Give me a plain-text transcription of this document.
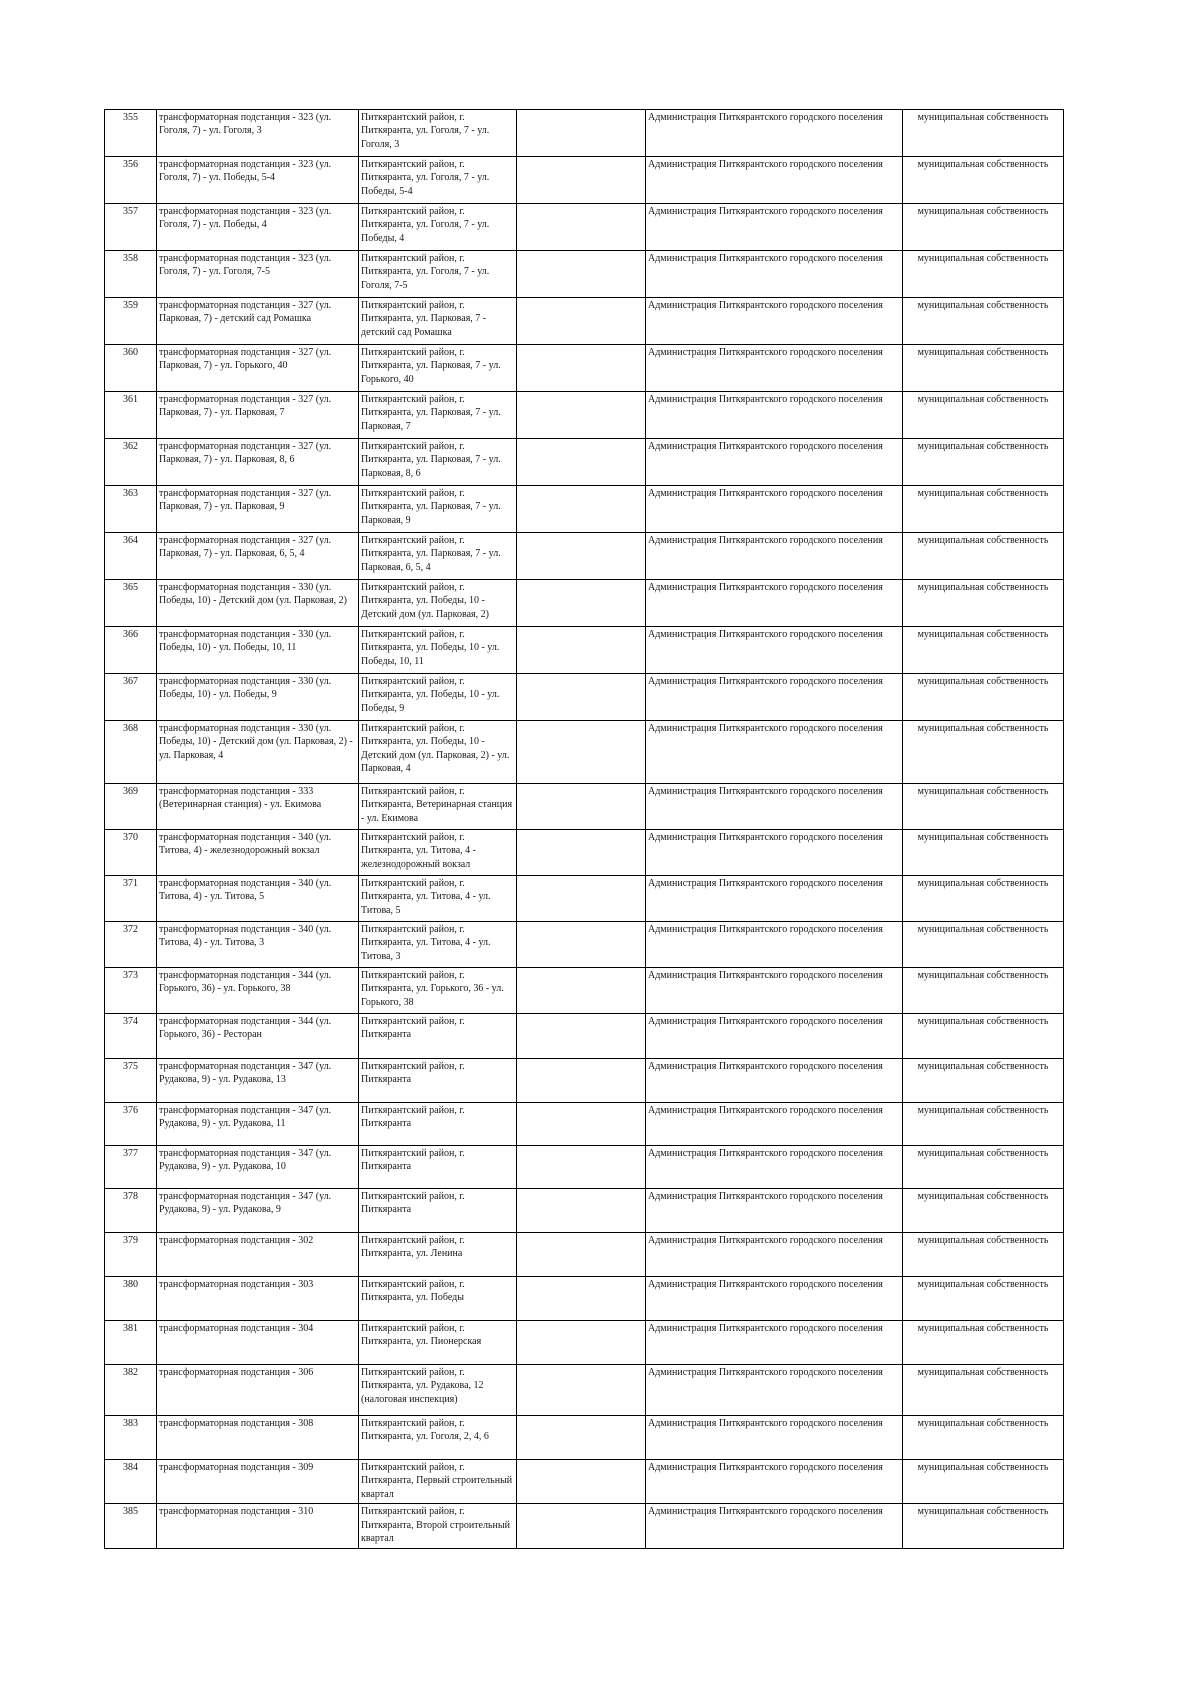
355	трансформаторная подстанция - 323 (ул. Гоголя, 7) - ул. Гоголя, 3	Питкярантский район, г. Питкяранта, ул. Гоголя, 7 - ул. Гоголя, 3		Администрация Питкярантского городского поселения	муниципальная собственность
356	трансформаторная подстанция - 323 (ул. Гоголя, 7) - ул. Победы, 5-4	Питкярантский район, г. Питкяранта, ул. Гоголя, 7 - ул. Победы, 5-4		Администрация Питкярантского городского поселения	муниципальная собственность
357	трансформаторная подстанция - 323 (ул. Гоголя, 7) - ул. Победы, 4	Питкярантский район, г. Питкяранта, ул. Гоголя, 7 - ул. Победы, 4		Администрация Питкярантского городского поселения	муниципальная собственность
358	трансформаторная подстанция - 323 (ул. Гоголя, 7) - ул. Гоголя, 7-5	Питкярантский район, г. Питкяранта, ул. Гоголя, 7 - ул. Гоголя, 7-5		Администрация Питкярантского городского поселения	муниципальная собственность
359	трансформаторная подстанция - 327 (ул. Парковая, 7) - детский сад Ромашка	Питкярантский район, г. Питкяранта, ул. Парковая, 7 - детский сад Ромашка		Администрация Питкярантского городского поселения	муниципальная собственность
360	трансформаторная подстанция - 327 (ул. Парковая, 7) - ул. Горького, 40	Питкярантский район, г. Питкяранта, ул. Парковая, 7 - ул. Горького, 40		Администрация Питкярантского городского поселения	муниципальная собственность
361	трансформаторная подстанция - 327 (ул. Парковая, 7) - ул. Парковая, 7	Питкярантский район, г. Питкяранта, ул. Парковая, 7 - ул. Парковая, 7		Администрация Питкярантского городского поселения	муниципальная собственность
362	трансформаторная подстанция - 327 (ул. Парковая, 7) - ул. Парковая, 8, 6	Питкярантский район, г. Питкяранта, ул. Парковая, 7 - ул. Парковая, 8, 6		Администрация Питкярантского городского поселения	муниципальная собственность
363	трансформаторная подстанция - 327 (ул. Парковая, 7) - ул. Парковая, 9	Питкярантский район, г. Питкяранта, ул. Парковая, 7 - ул. Парковая, 9		Администрация Питкярантского городского поселения	муниципальная собственность
364	трансформаторная подстанция - 327 (ул. Парковая, 7) - ул. Парковая, 6, 5, 4	Питкярантский район, г. Питкяранта, ул. Парковая, 7 - ул. Парковая, 6, 5, 4		Администрация Питкярантского городского поселения	муниципальная собственность
365	трансформаторная подстанция - 330 (ул. Победы, 10) - Детский дом (ул. Парковая, 2)	Питкярантский район, г. Питкяранта, ул. Победы, 10 - Детский дом (ул. Парковая, 2)		Администрация Питкярантского городского поселения	муниципальная собственность
366	трансформаторная подстанция - 330 (ул. Победы, 10) - ул. Победы, 10, 11	Питкярантский район, г. Питкяранта, ул. Победы, 10 - ул. Победы, 10, 11		Администрация Питкярантского городского поселения	муниципальная собственность
367	трансформаторная подстанция - 330 (ул. Победы, 10) - ул. Победы, 9	Питкярантский район, г. Питкяранта, ул. Победы, 10 - ул. Победы, 9		Администрация Питкярантского городского поселения	муниципальная собственность
368	трансформаторная подстанция - 330 (ул. Победы, 10) - Детский дом (ул. Парковая, 2) - ул. Парковая, 4	Питкярантский район, г. Питкяранта, ул. Победы, 10 - Детский дом (ул. Парковая, 2) - ул. Парковая, 4		Администрация Питкярантского городского поселения	муниципальная собственность
369	трансформаторная подстанция - 333 (Ветеринарная станция) - ул. Екимова	Питкярантский район, г. Питкяранта, Ветеринарная станция - ул. Екимова		Администрация Питкярантского городского поселения	муниципальная собственность
370	трансформаторная подстанция - 340 (ул. Титова, 4) - железнодорожный вокзал	Питкярантский район, г. Питкяранта, ул. Титова, 4 - железнодорожный вокзал		Администрация Питкярантского городского поселения	муниципальная собственность
371	трансформаторная подстанция - 340 (ул. Титова, 4) - ул. Титова, 5	Питкярантский район, г. Питкяранта, ул. Титова, 4 - ул. Титова, 5		Администрация Питкярантского городского поселения	муниципальная собственность
372	трансформаторная подстанция - 340 (ул. Титова, 4) - ул. Титова, 3	Питкярантский район, г. Питкяранта, ул. Титова, 4 - ул. Титова, 3		Администрация Питкярантского городского поселения	муниципальная собственность
373	трансформаторная подстанция - 344 (ул. Горького, 36) - ул. Горького, 38	Питкярантский район, г. Питкяранта, ул. Горького, 36 - ул. Горького, 38		Администрация Питкярантского городского поселения	муниципальная собственность
374	трансформаторная подстанция - 344 (ул. Горького, 36) - Ресторан	Питкярантский район, г. Питкяранта		Администрация Питкярантского городского поселения	муниципальная собственность
375	трансформаторная подстанция - 347 (ул. Рудакова, 9) - ул. Рудакова, 13	Питкярантский район, г. Питкяранта		Администрация Питкярантского городского поселения	муниципальная собственность
376	трансформаторная подстанция - 347 (ул. Рудакова, 9) - ул. Рудакова, 11	Питкярантский район, г. Питкяранта		Администрация Питкярантского городского поселения	муниципальная собственность
377	трансформаторная подстанция - 347 (ул. Рудакова, 9) - ул. Рудакова, 10	Питкярантский район, г. Питкяранта		Администрация Питкярантского городского поселения	муниципальная собственность
378	трансформаторная подстанция - 347 (ул. Рудакова, 9) - ул. Рудакова, 9	Питкярантский район, г. Питкяранта		Администрация Питкярантского городского поселения	муниципальная собственность
379	трансформаторная подстанция - 302	Питкярантский район, г. Питкяранта, ул. Ленина		Администрация Питкярантского городского поселения	муниципальная собственность
380	трансформаторная подстанция - 303	Питкярантский район, г. Питкяранта, ул. Победы		Администрация Питкярантского городского поселения	муниципальная собственность
381	трансформаторная подстанция - 304	Питкярантский район, г. Питкяранта, ул. Пионерская		Администрация Питкярантского городского поселения	муниципальная собственность
382	трансформаторная подстанция - 306	Питкярантский район, г. Питкяранта, ул. Рудакова, 12 (налоговая инспекция)		Администрация Питкярантского городского поселения	муниципальная собственность
383	трансформаторная подстанция - 308	Питкярантский район, г. Питкяранта, ул. Гоголя, 2, 4, 6		Администрация Питкярантского городского поселения	муниципальная собственность
384	трансформаторная подстанция - 309	Питкярантский район, г. Питкяранта, Первый строительный квартал		Администрация Питкярантского городского поселения	муниципальная собственность
385	трансформаторная подстанция - 310	Питкярантский район, г. Питкяранта, Второй строительный квартал		Администрация Питкярантского городского поселения	муниципальная собственность
